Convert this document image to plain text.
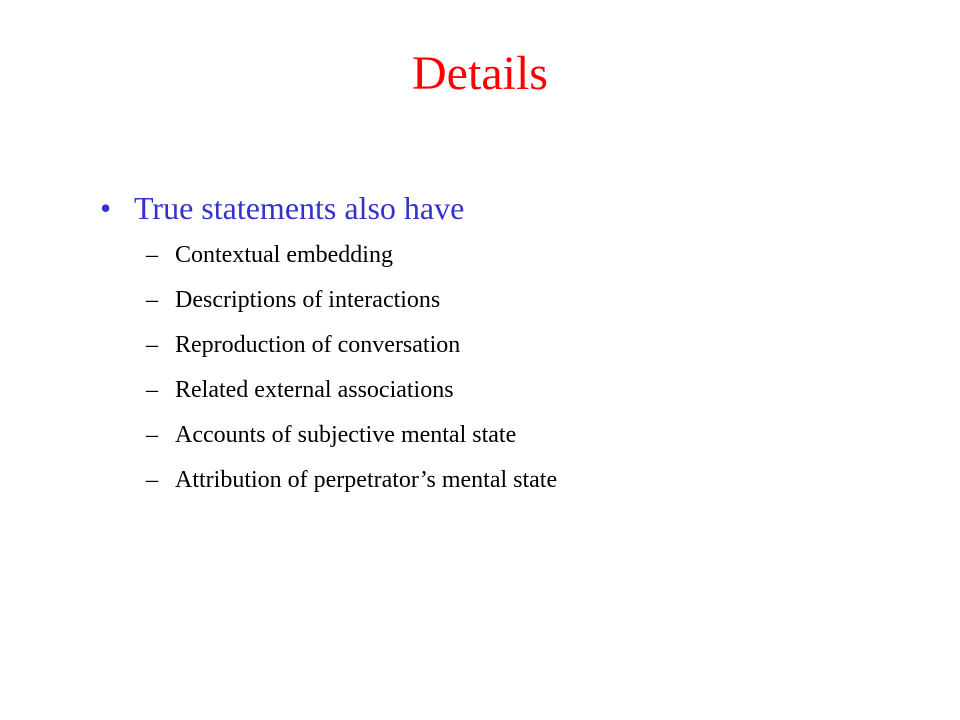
Details
• True statements also have
– Contextual embedding
– Descriptions of interactions
– Reproduction of conversation
– Related external associations
– Accounts of subjective mental state
– Attribution of perpetrator’s mental state
